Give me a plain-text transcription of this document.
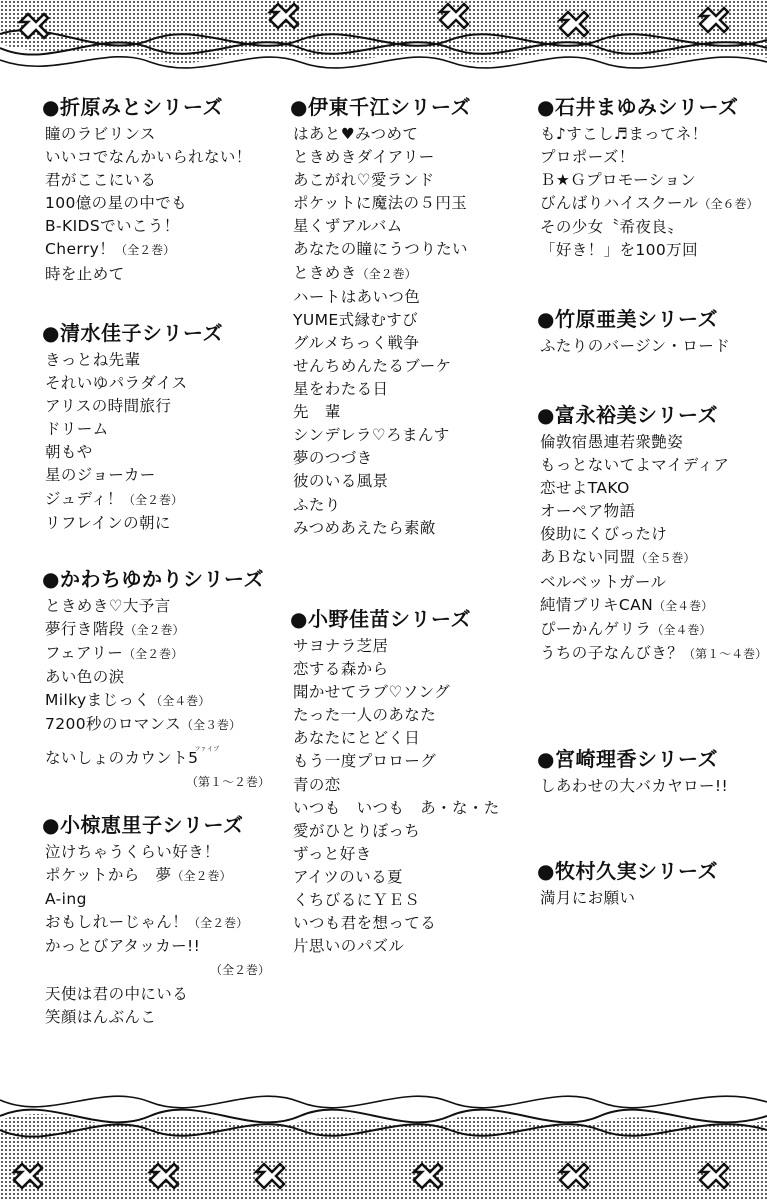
●折原みとシリーズ
瞳のラビリンス
いいコでなんかいられない！
君がここにいる
100億の星の中でも
B-KIDSでいこう！
Cherry！（全２巻）
時を止めて
●清水佳子シリーズ
きっとね先輩
それいゆパラダイス
アリスの時間旅行
ドリーム
朝もや
星のジョーカー
ジュディ！（全２巻）
リフレインの朝に
●かわちゆかりシリーズ
ときめき♡大予言
夢行き階段（全２巻）
フェアリー（全２巻）
あい色の涙
Milkyまじっく（全４巻）
7200秒のロマンス（全３巻）
ないしょのカウント$5^{ファイブ}$
（第１～２巻）
●小椋恵里子シリーズ
泣けちゃうくらい好き！
ポケットから　夢（全２巻）
A-ing
おもしれーじゃん！（全２巻）
かっとびアタッカー!!
（全２巻）
天使は君の中にいる
笑顔はんぶんこ
●伊東千江シリーズ
はあと♥みつめて
ときめきダイアリー
あこがれ♡愛ランド
ポケットに魔法の５円玉
星くずアルバム
あなたの瞳にうつりたい
ときめき（全２巻）
ハートはあいつ色
YUME式縁むすび
グルメちっく戦争
せんちめんたるブーケ
星をわたる日
先　輩
シンデレラ♡ろまんす
夢のつづき
彼のいる風景
ふたり
みつめあえたら素敵
●小野佳苗シリーズ
サヨナラ芝居
恋する森から
聞かせてラブ♡ソング
たった一人のあなた
あなたにとどく日
もう一度プロローグ
青の恋
いつも　いつも　あ・な・た
愛がひとりぼっち
ずっと好き
アイツのいる夏
くちびるにＹＥＳ
いつも君を想ってる
片思いのパズル
●石井まゆみシリーズ
も♪すこし♬まってネ！
プロポーズ！
Ｂ★Ｇプロモーション
びんばりハイスクール（全６巻）
その少女〝希夜良〟
「好き！」を100万回
●竹原亜美シリーズ
ふたりのバージン・ロード
●富永裕美シリーズ
倫敦宿愚連若衆艶姿
もっとないてよマイディア
恋せよTAKO
オーペア物語
俊助にくびったけ
あＢない同盟（全５巻）
ベルベットガール
純情ブリキCAN（全４巻）
ぴーかんゲリラ（全４巻）
うちの子なんびき？（第１～４巻）
●宮崎理香シリーズ
しあわせの大バカヤロー!!
●牧村久実シリーズ
満月にお願い
